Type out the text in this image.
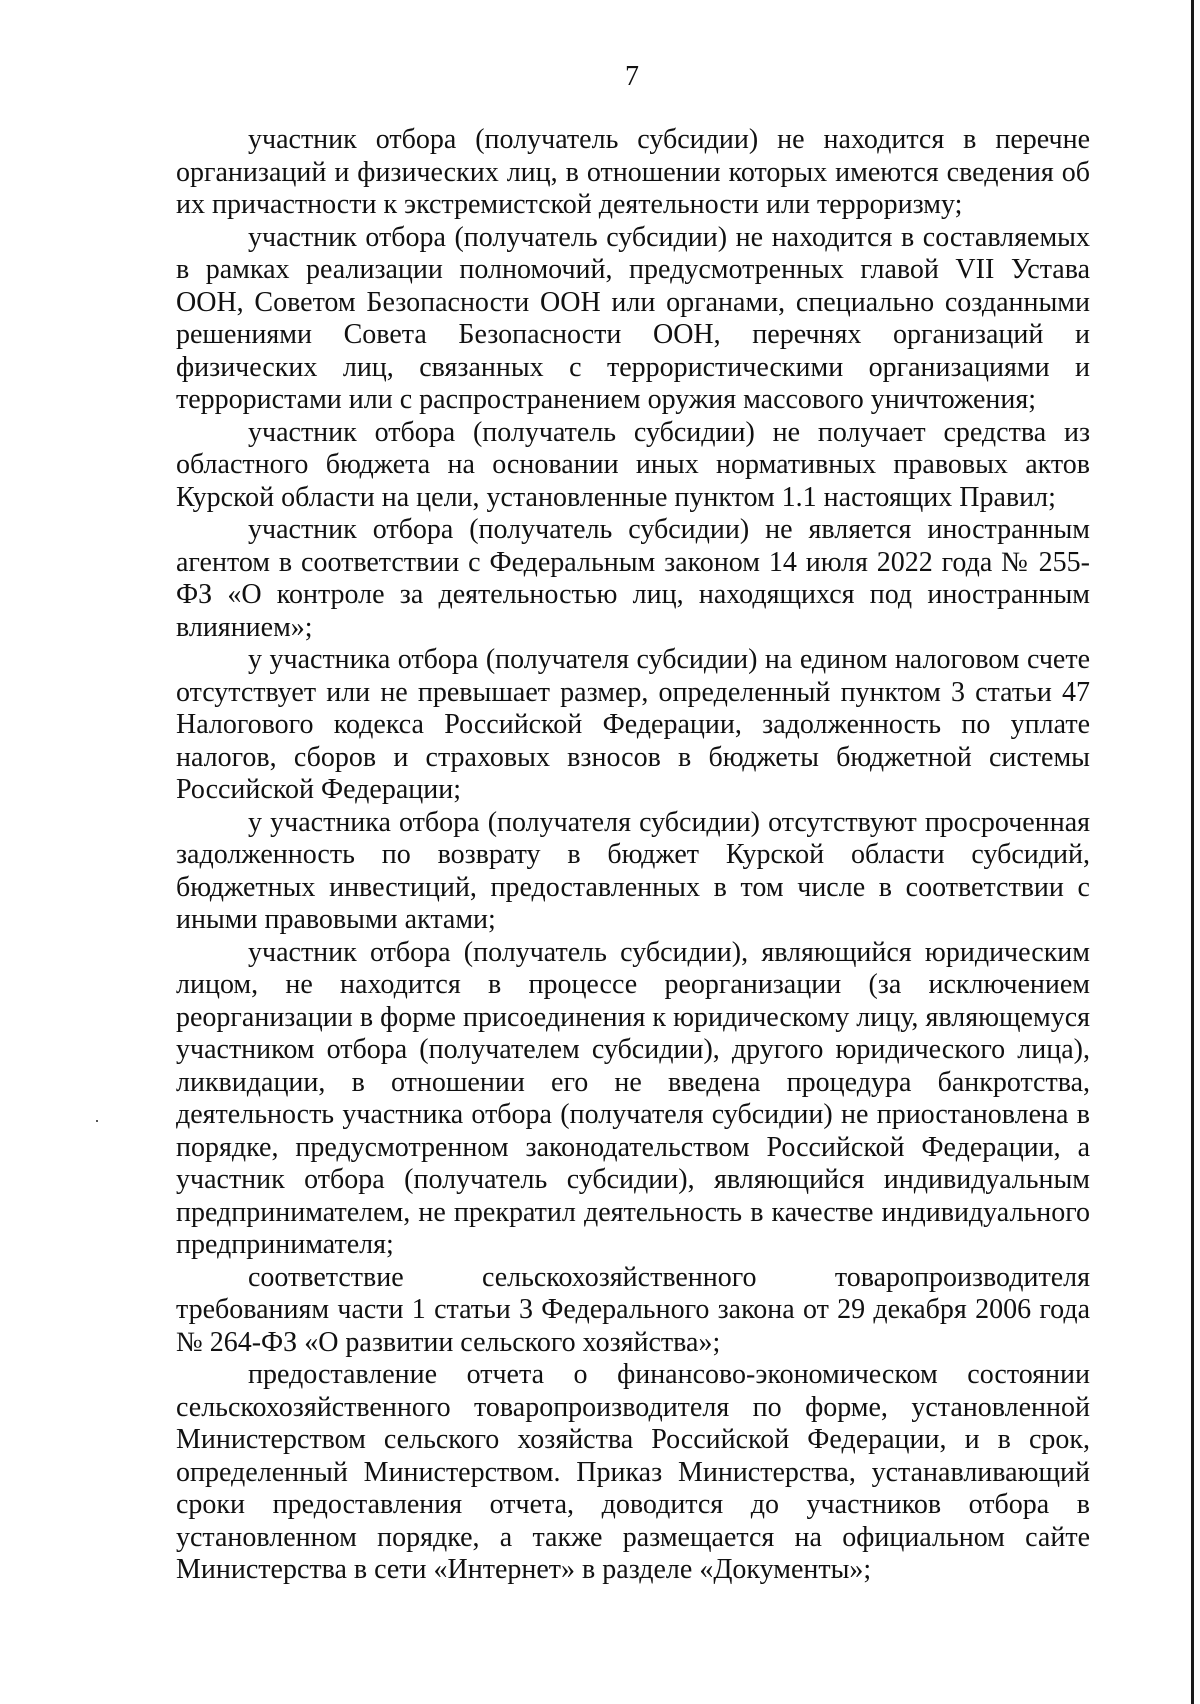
7

участник отбора (получатель субсидии) не находится в перечне организаций и физических лиц, в отношении которых имеются сведения об их причастности к экстремистской деятельности или терроризму;

участник отбора (получатель субсидии) не находится в составляемых в рамках реализации полномочий, предусмотренных главой VII Устава ООН, Советом Безопасности ООН или органами, специально созданными решениями Совета Безопасности ООН, перечнях организаций и физических лиц, связанных с террористическими организациями и террористами или с распространением оружия массового уничтожения;

участник отбора (получатель субсидии) не получает средства из областного бюджета на основании иных нормативных правовых актов Курской области на цели, установленные пунктом 1.1 настоящих Правил;

участник отбора (получатель субсидии) не является иностранным агентом в соответствии с Федеральным законом 14 июля 2022 года № 255-ФЗ «О контроле за деятельностью лиц, находящихся под иностранным влиянием»;

у участника отбора (получателя субсидии) на едином налоговом счете отсутствует или не превышает размер, определенный пунктом 3 статьи 47 Налогового кодекса Российской Федерации, задолженность по уплате налогов, сборов и страховых взносов в бюджеты бюджетной системы Российской Федерации;

у участника отбора (получателя субсидии) отсутствуют просроченная задолженность по возврату в бюджет Курской области субсидий, бюджетных инвестиций, предоставленных в том числе в соответствии с иными правовыми актами;

участник отбора (получатель субсидии), являющийся юридическим лицом, не находится в процессе реорганизации (за исключением реорганизации в форме присоединения к юридическому лицу, являющемуся участником отбора (получателем субсидии), другого юридического лица), ликвидации, в отношении его не введена процедура банкротства, деятельность участника отбора (получателя субсидии) не приостановлена в порядке, предусмотренном законодательством Российской Федерации, а участник отбора (получатель субсидии), являющийся индивидуальным предпринимателем, не прекратил деятельность в качестве индивидуального предпринимателя;

соответствие сельскохозяйственного товаропроизводителя требованиям части 1 статьи 3 Федерального закона от 29 декабря 2006 года № 264-ФЗ «О развитии сельского хозяйства»;

предоставление отчета о финансово-экономическом состоянии сельскохозяйственного товаропроизводителя по форме, установленной Министерством сельского хозяйства Российской Федерации, и в срок, определенный Министерством. Приказ Министерства, устанавливающий сроки предоставления отчета, доводится до участников отбора в установленном порядке, а также размещается на официальном сайте Министерства в сети «Интернет» в разделе «Документы»;
